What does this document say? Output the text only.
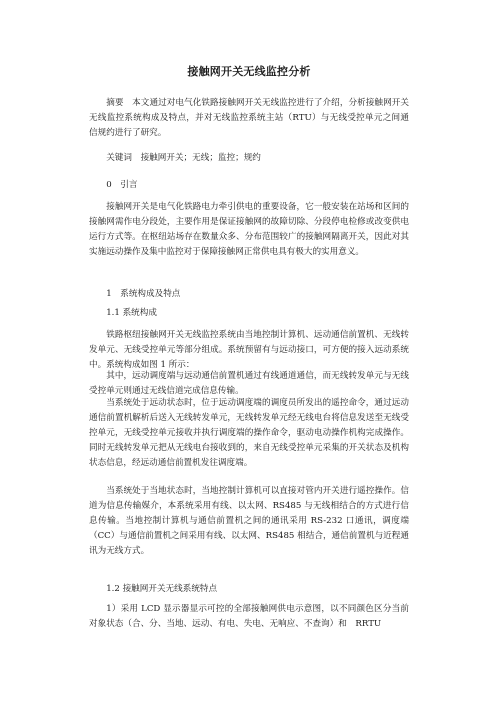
接触网开关无线监控分析

摘要　本文通过对电气化铁路接触网开关无线监控进行了介绍，分析接触网开关无线监控系统构成及特点，并对无线监控系统主站（RTU）与无线受控单元之间通信规约进行了研究。

关键词　接触网开关；无线；监控；规约

0　引言

接触网开关是电气化铁路电力牵引供电的重要设备，它一般安装在站场和区间的接触网需作电分段处，主要作用是保证接触网的故障切除、分段停电检修或改变供电运行方式等。在枢纽站场存在数量众多、分布范围较广的接触网隔离开关，因此对其实施远动操作及集中监控对于保障接触网正常供电具有极大的实用意义。

1　系统构成及特点

1.1 系统构成

铁路枢纽接触网开关无线监控系统由当地控制计算机、远动通信前置机、无线转发单元、无线受控单元等部分组成。系统预留有与远动接口，可方便的接入远动系统中。系统构成如图 1 所示：

其中，远动调度端与远动通信前置机通过有线通道通信，而无线转发单元与无线受控单元则通过无线信道完成信息传输。

当系统处于远动状态时，位于远动调度端的调度员所发出的遥控命令，通过远动通信前置机解析后送入无线转发单元，无线转发单元经无线电台将信息发送至无线受控单元，无线受控单元接收并执行调度端的操作命令，驱动电动操作机构完成操作。同时无线转发单元把从无线电台接收到的，来自无线受控单元采集的开关状态及机构状态信息，经远动通信前置机发往调度端。

当系统处于当地状态时，当地控制计算机可以直接对管内开关进行遥控操作。信道为信息传输媒介，本系统采用有线、以太网、RS485 与无线相结合的方式进行信息传输。当地控制计算机与通信前置机之间的通讯采用 RS-232 口通讯，调度端（CC）与通信前置机之间采用有线、以太网、RS485 相结合，通信前置机与近程通讯为无线方式。

1.2 接触网开关无线系统特点

1）采用 LCD 显示器显示可控的全部接触网供电示意图，以不同颜色区分当前对象状态（合、分、当地、远动、有电、失电、无响应、不查询）和　RRTU
